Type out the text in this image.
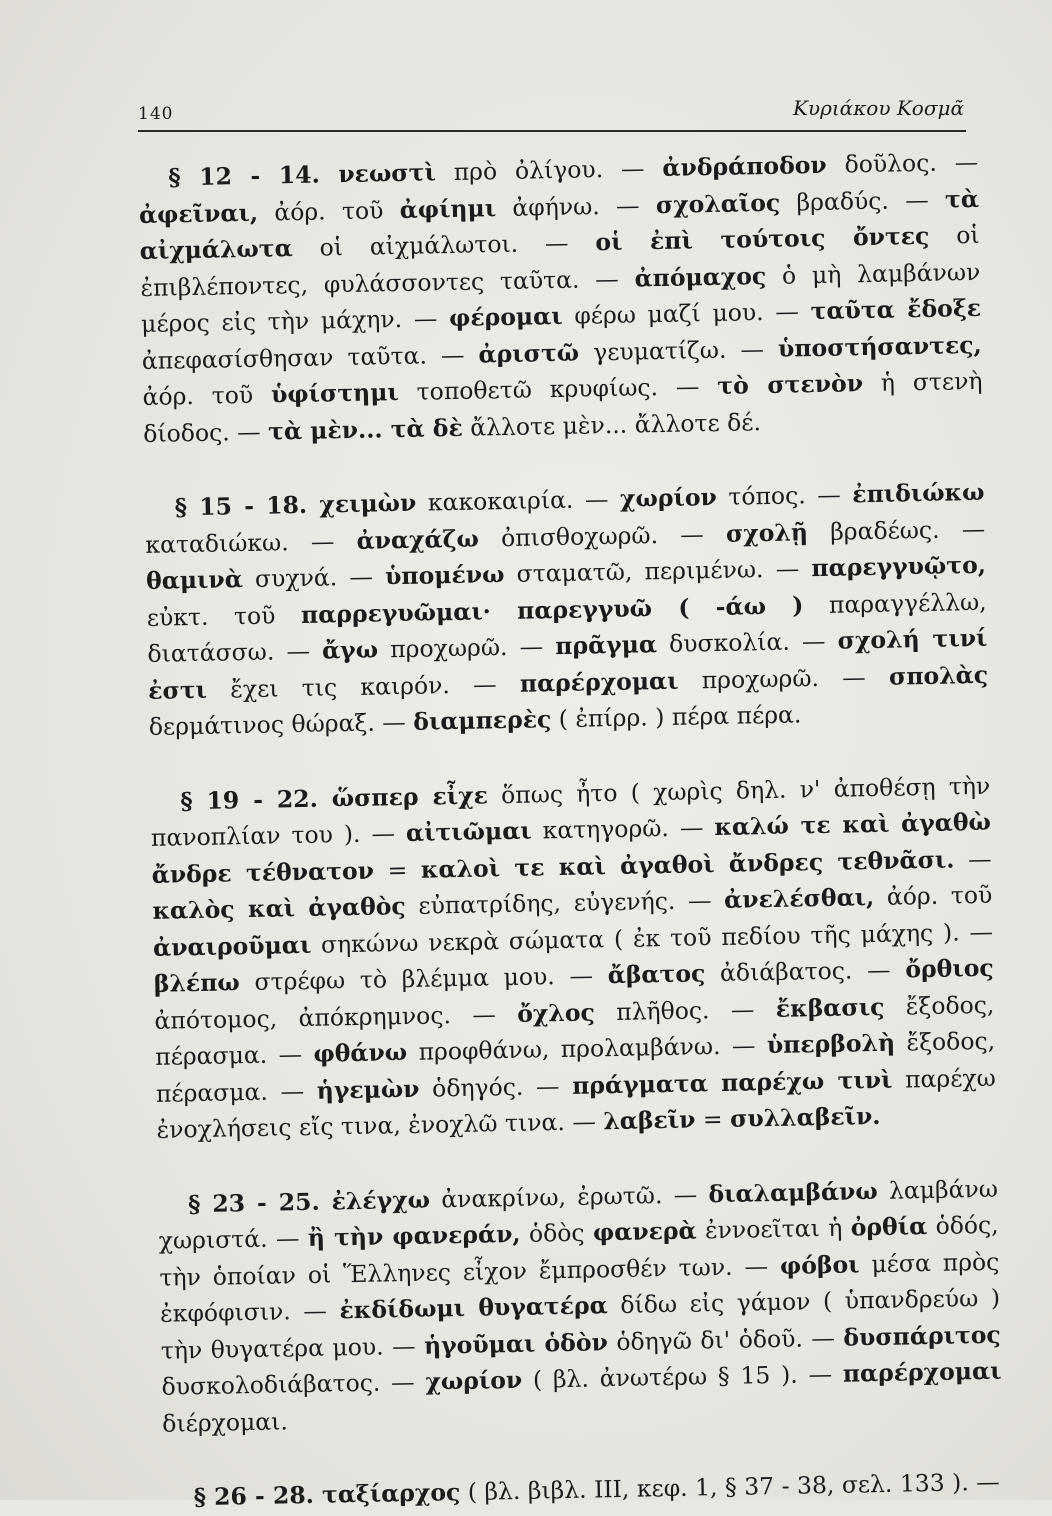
140	Κυριάκου Κοσμᾶ

§ 12 - 14. νεωστὶ πρὸ ὀλίγου. — ἀνδράποδον δοῦλος. — ἀφεῖναι, ἀόρ. τοῦ ἀφίημι ἀφήνω. — σχολαῖος βραδύς. — τὰ αἰχμάλωτα οἱ αἰχμάλωτοι. — οἱ ἐπὶ τούτοις ὄντες οἱ ἐπιβλέποντες, φυλάσσοντες ταῦτα. — ἀπόμαχος ὁ μὴ λαμβάνων μέρος εἰς τὴν μάχην. — φέρομαι φέρω μαζί μου. — ταῦτα ἔδοξε ἀπεφασίσθησαν ταῦτα. — ἀριστῶ γευματίζω. — ὑποστήσαντες, ἀόρ. τοῦ ὑφίστημι τοποθετῶ κρυφίως. — τὸ στενὸν ἡ στενὴ δίοδος. — τὰ μὲν... τὰ δὲ ἄλλοτε μὲν... ἄλλοτε δέ.

§ 15 - 18. χειμὼν κακοκαιρία. — χωρίον τόπος. — ἐπιδιώκω καταδιώκω. — ἀναχάζω ὀπισθοχωρῶ. — σχολῇ βραδέως. — θαμινὰ συχνά. — ὑπομένω σταματῶ, περιμένω. — παρεγγυῷτο, εὐκτ. τοῦ παρρεγυῶμαι· παρεγγυῶ ( -άω ) παραγγέλλω, διατάσσω. — ἄγω προχωρῶ. — πρᾶγμα δυσκολία. — σχολή τινί ἐστι ἔχει τις καιρόν. — παρέρχομαι προχωρῶ. — σπολὰς δερμάτινος θώραξ. — διαμπερὲς ( ἐπίρρ. ) πέρα πέρα.

§ 19 - 22. ὥσπερ εἶχε ὅπως ἦτο ( χωρὶς δηλ. ν' ἀποθέσῃ τὴν πανοπλίαν του ). — αἰτιῶμαι κατηγορῶ. — καλώ τε καὶ ἀγαθὼ ἄνδρε τέθνατον = καλοὶ τε καὶ ἀγαθοὶ ἄνδρες τεθνᾶσι. — καλὸς καὶ ἀγαθὸς εὐπατρίδης, εὐγενής. — ἀνελέσθαι, ἀόρ. τοῦ ἀναιροῦμαι σηκώνω νεκρὰ σώματα ( ἐκ τοῦ πεδίου τῆς μάχης ). — βλέπω στρέφω τὸ βλέμμα μου. — ἄβατος ἀδιάβατος. — ὄρθιος ἀπότομος, ἀπόκρημνος. — ὄχλος πλῆθος. — ἔκβασις ἔξοδος, πέρασμα. — φθάνω προφθάνω, προλαμβάνω. — ὑπερβολὴ ἔξοδος, πέρασμα. — ἡγεμὼν ὁδηγός. — πράγματα παρέχω τινὶ παρέχω ἐνοχλήσεις εἴς τινα, ἐνοχλῶ τινα. — λαβεῖν = συλλαβεῖν.

§ 23 - 25. ἐλέγχω ἀνακρίνω, ἐρωτῶ. — διαλαμβάνω λαμβάνω χωριστά. — ἢ τὴν φανεράν, ὁδὸς φανερὰ ἐννοεῖται ἡ ὀρθία ὁδός, τὴν ὁποίαν οἱ Ἕλληνες εἶχον ἔμπροσθέν των. — φόβοι μέσα πρὸς ἐκφόφισιν. — ἐκδίδωμι θυγατέρα δίδω εἰς γάμον ( ὑπανδρεύω ) τὴν θυγατέρα μου. — ἡγοῦμαι ὁδὸν ὁδηγῶ δι' ὁδοῦ. — δυσπάριτος δυσκολοδιάβατος. — χωρίον ( βλ. ἀνωτέρω § 15 ). — παρέρχομαι διέρχομαι.

§ 26 - 28. ταξίαρχος ( βλ. βιβλ. III, κεφ. 1, § 37 - 38, σελ. 133 ). —
